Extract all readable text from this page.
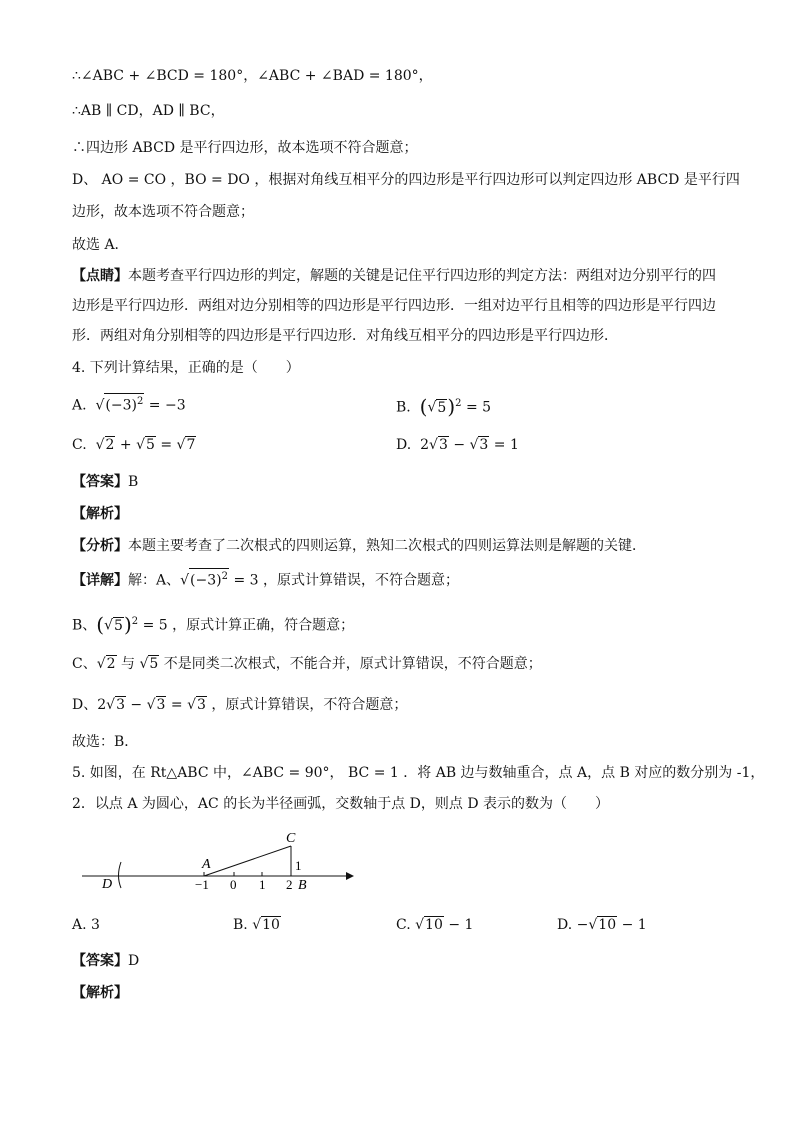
∴∠ABC + ∠BCD = 180°，∠ABC + ∠BAD = 180°，
∴AB ∥ CD，AD ∥ BC，
∴四边形 ABCD 是平行四边形，故本选项不符合题意；
D、 AO = CO ，BO = DO ，根据对角线互相平分的四边形是平行四边形可以判定四边形 ABCD 是平行四
边形，故本选项不符合题意；
故选 A．
【点睛】本题考查平行四边形的判定，解题的关键是记住平行四边形的判定方法：两组对边分别平行的四
边形是平行四边形．两组对边分别相等的四边形是平行四边形．一组对边平行且相等的四边形是平行四边
形．两组对角分别相等的四边形是平行四边形．对角线互相平分的四边形是平行四边形．
4. 下列计算结果，正确的是（　　）
A. $√(-3)^2 = -3$	B. $(√5)^2 = 5$
C. √2 + √5 = √7	D. 2√3 − √3 = 1
【答案】B
【解析】
【分析】本题主要考查了二次根式的四则运算，熟知二次根式的四则运算法则是解题的关键．
【详解】解：A、$√(-3)^2 = 3$ ，原式计算错误，不符合题意；
B、$(√5)^2 = 5$ ，原式计算正确，符合题意；
C、√2 与 √5 不是同类二次根式，不能合并，原式计算错误，不符合题意；
D、2√3 − √3 = √3 ，原式计算错误，不符合题意；
故选：B．
5. 如图，在 Rt△ABC 中，∠ABC = 90°， BC = 1 ．将 AB 边与数轴重合，点 A，点 B 对应的数分别为 -1，
2．以点 A 为圆心，AC 的长为半径画弧，交数轴于点 D，则点 D 表示的数为（　　）
C
A	1
D	−1 0 1 2 B
A. 3	B. √10	C. √10 − 1	D. −√10 − 1
【答案】D
【解析】
